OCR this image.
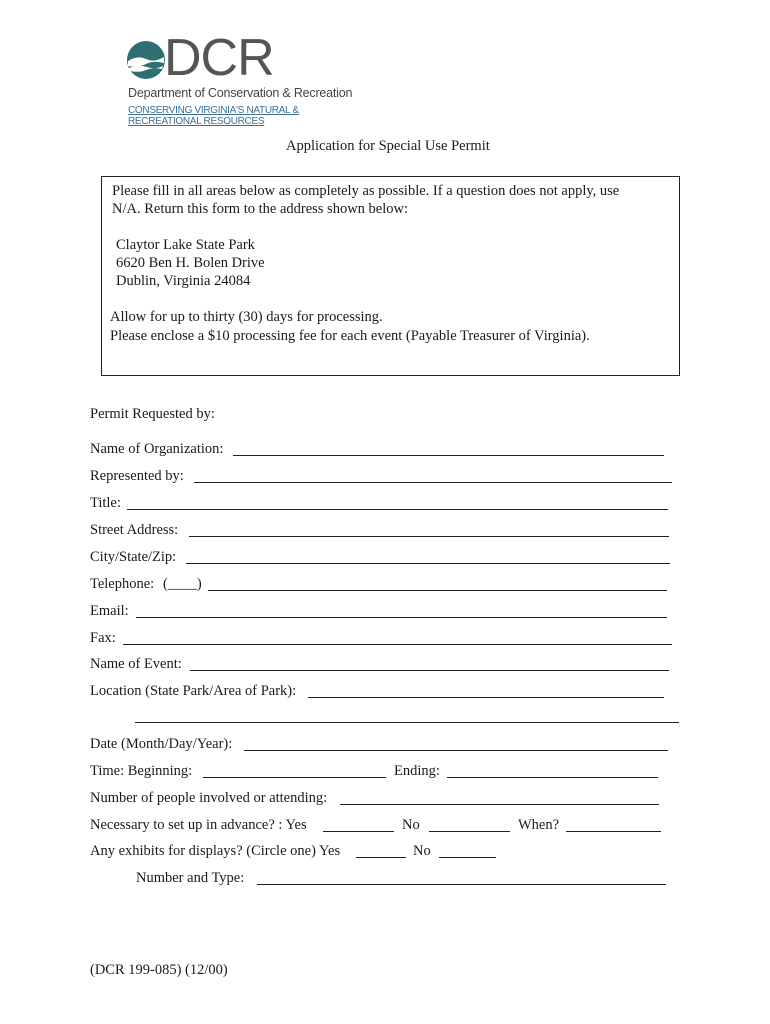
DCR
Department of Conservation & Recreation
CONSERVING VIRGINIA'S NATURAL & RECREATIONAL RESOURCES
Application for Special Use Permit
Please fill in all areas below as completely as possible. If a question does not apply, use
N/A. Return this form to the address shown below:
Claytor Lake State Park
6620 Ben H. Bolen Drive
Dublin, Virginia 24084
Allow for up to thirty (30) days for processing.
Please enclose a $10 processing fee for each event (Payable Treasurer of Virginia).
Permit Requested by:
Name of Organization:
Represented by:
Title:
Street Address:
City/State/Zip:
Telephone: (____)
Email:
Fax:
Name of Event:
Location (State Park/Area of Park):
Date (Month/Day/Year):
Time: Beginning:	Ending:
Number of people involved or attending:
Necessary to set up in advance? : Yes	No	When?
Any exhibits for displays? (Circle one) Yes	No
Number and Type:
(DCR 199-085) (12/00)
